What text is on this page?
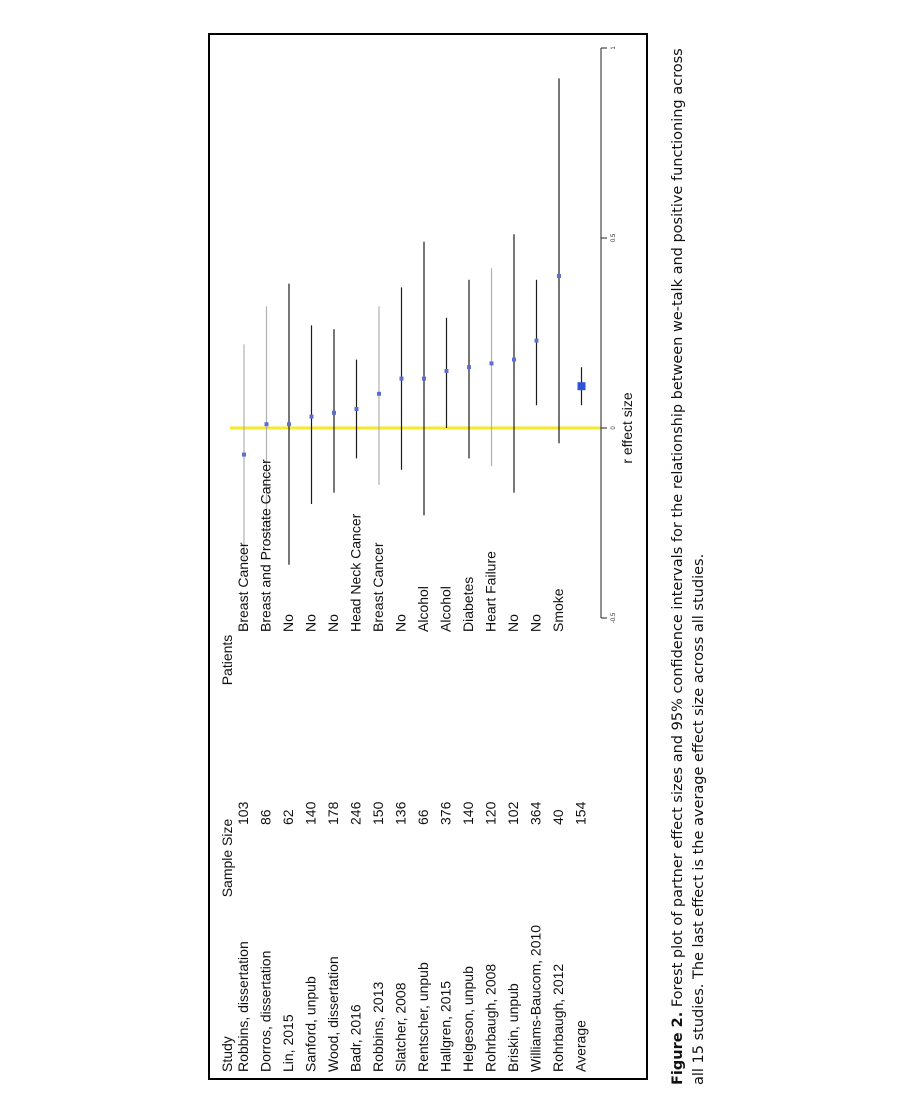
-0.5
0
0.5
1
r effect size
Study
Sample Size
Patients
Robbins, dissertation
103
Breast Cancer
Dorros, dissertation
86
Breast and Prostate Cancer
Lin, 2015
62
No
Sanford, unpub
140
No
Wood, dissertation
178
No
Badr, 2016
246
Head Neck Cancer
Robbins, 2013
150
Breast Cancer
Slatcher, 2008
136
No
Rentscher, unpub
66
Alcohol
Hallgren, 2015
376
Alcohol
Helgeson, unpub
140
Diabetes
Rohrbaugh, 2008
120
Heart Failure
Briskin, unpub
102
No
Williams-Baucom, 2010
364
No
Rohrbaugh, 2012
40
Smoke
Average
154
Figure 2. Forest plot of partner effect sizes and 95% confidence intervals for the relationship between we-talk and positive functioning across all 15 studies. The last effect is the average effect size across all studies.
